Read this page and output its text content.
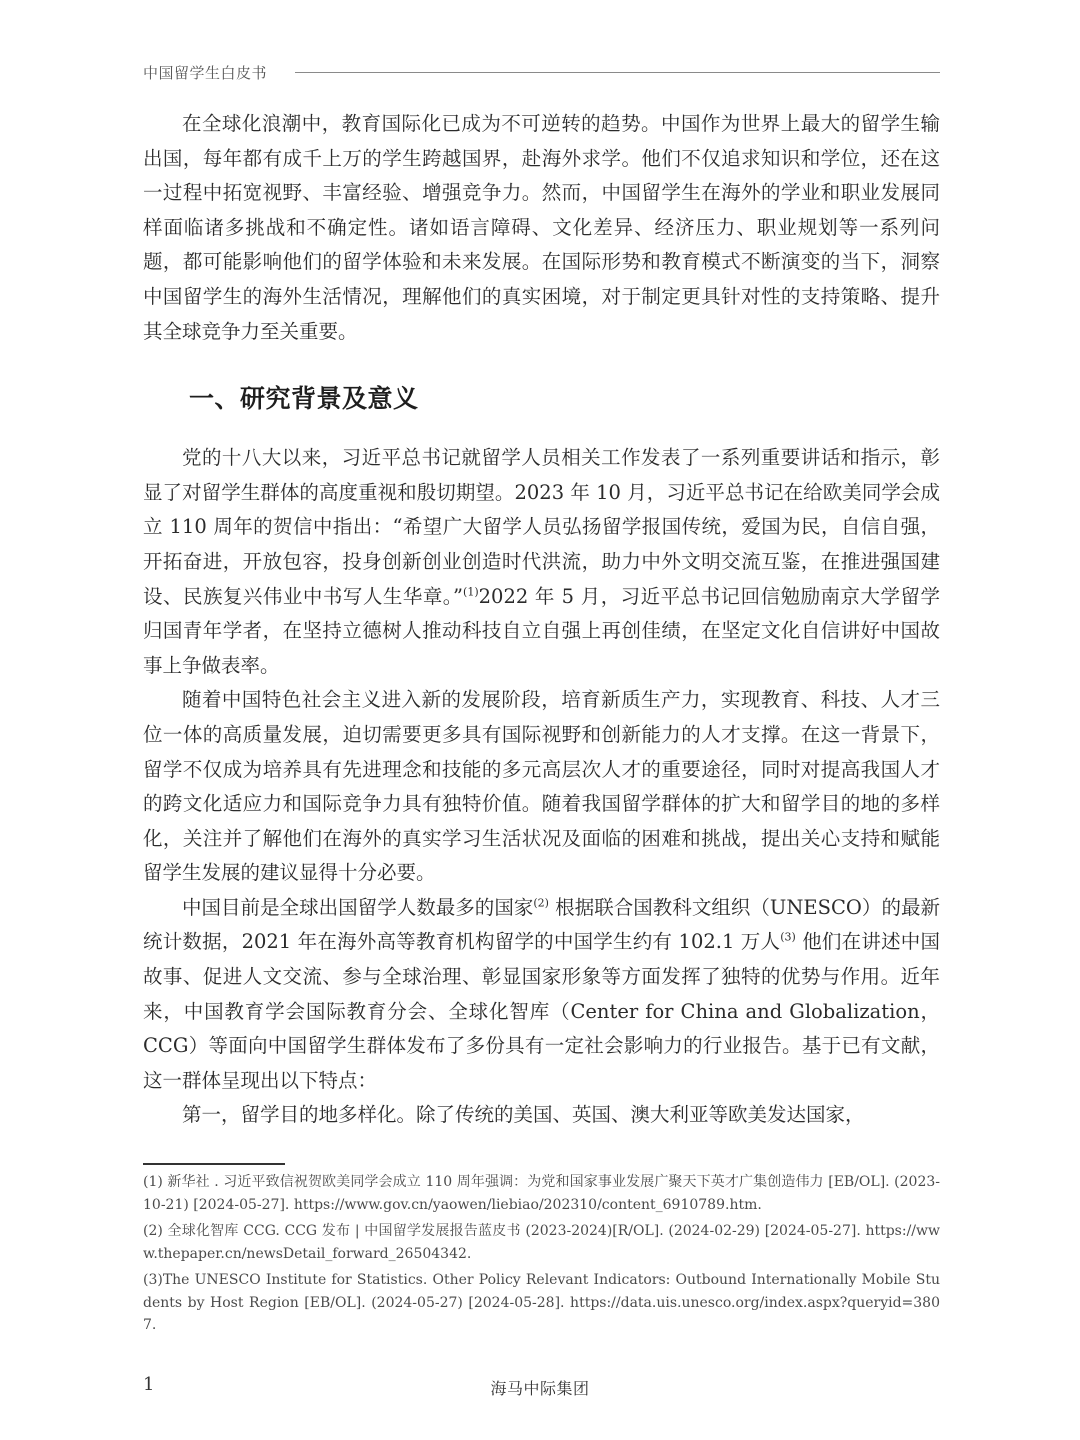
中国留学生白皮书

在全球化浪潮中，教育国际化已成为不可逆转的趋势。中国作为世界上最大的留学生输出国，每年都有成千上万的学生跨越国界，赴海外求学。他们不仅追求知识和学位，还在这一过程中拓宽视野、丰富经验、增强竞争力。然而，中国留学生在海外的学业和职业发展同样面临诸多挑战和不确定性。诸如语言障碍、文化差异、经济压力、职业规划等一系列问题，都可能影响他们的留学体验和未来发展。在国际形势和教育模式不断演变的当下，洞察中国留学生的海外生活情况，理解他们的真实困境，对于制定更具针对性的支持策略、提升其全球竞争力至关重要。

一、研究背景及意义

党的十八大以来，习近平总书记就留学人员相关工作发表了一系列重要讲话和指示，彰显了对留学生群体的高度重视和殷切期望。2023 年 10 月，习近平总书记在给欧美同学会成立 110 周年的贺信中指出：“希望广大留学人员弘扬留学报国传统，爱国为民，自信自强，开拓奋进，开放包容，投身创新创业创造时代洪流，助力中外文明交流互鉴，在推进强国建设、民族复兴伟业中书写人生华章。”$^{(1)}$2022 年 5 月，习近平总书记回信勉励南京大学留学归国青年学者，在坚持立德树人推动科技自立自强上再创佳绩，在坚定文化自信讲好中国故事上争做表率。

随着中国特色社会主义进入新的发展阶段，培育新质生产力，实现教育、科技、人才三位一体的高质量发展，迫切需要更多具有国际视野和创新能力的人才支撑。在这一背景下，留学不仅成为培养具有先进理念和技能的多元高层次人才的重要途径，同时对提高我国人才的跨文化适应力和国际竞争力具有独特价值。随着我国留学群体的扩大和留学目的地的多样化，关注并了解他们在海外的真实学习生活状况及面临的困难和挑战，提出关心支持和赋能留学生发展的建议显得十分必要。

中国目前是全球出国留学人数最多的国家$^{(2)}$ 根据联合国教科文组织（UNESCO）的最新统计数据，2021 年在海外高等教育机构留学的中国学生约有 102.1 万人$^{(3)}$ 他们在讲述中国故事、促进人文交流、参与全球治理、彰显国家形象等方面发挥了独特的优势与作用。近年来，中国教育学会国际教育分会、全球化智库（Center for China and Globalization，CCG）等面向中国留学生群体发布了多份具有一定社会影响力的行业报告。基于已有文献，这一群体呈现出以下特点：

第一，留学目的地多样化。除了传统的美国、英国、澳大利亚等欧美发达国家，

(1) 新华社 . 习近平致信祝贺欧美同学会成立 110 周年强调：为党和国家事业发展广聚天下英才广集创造伟力 [EB/OL]. (2023-10-21) [2024-05-27]. https://www.gov.cn/yaowen/liebiao/202310/content_6910789.htm.

(2) 全球化智库 CCG. CCG 发布 | 中国留学发展报告蓝皮书 (2023-2024)[R/OL]. (2024-02-29) [2024-05-27]. https://www.thepaper.cn/newsDetail_forward_26504342.

(3)The UNESCO Institute for Statistics. Other Policy Relevant Indicators: Outbound Internationally Mobile Students by Host Region [EB/OL]. (2024-05-27) [2024-05-28]. https://data.uis.unesco.org/index.aspx?queryid=3807.

1	海马中际集团
